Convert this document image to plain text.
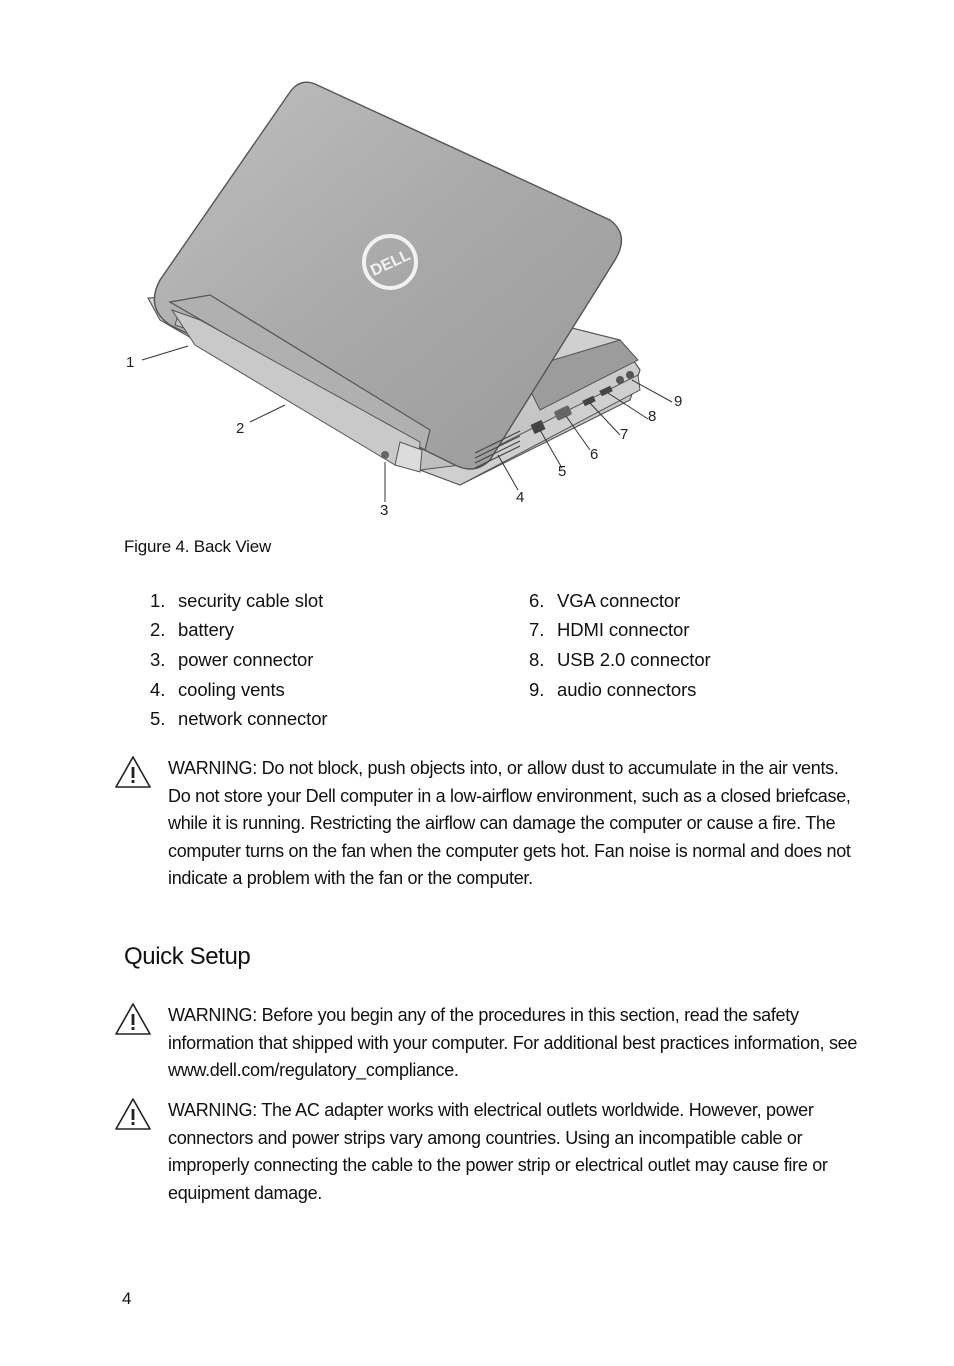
DELL
1
2
3
4
5
6
7
8
9
Figure 4. Back View
1. security cable slot
2. battery
3. power connector
4. cooling vents
5. network connector
6. VGA connector
7. HDMI connector
8. USB 2.0 connector
9. audio connectors

WARNING: Do not block, push objects into, or allow dust to accumulate in the air vents. Do not store your Dell computer in a low-airflow environment, such as a closed briefcase, while it is running. Restricting the airflow can damage the computer or cause a fire. The computer turns on the fan when the computer gets hot. Fan noise is normal and does not indicate a problem with the fan or the computer.

Quick Setup

WARNING: Before you begin any of the procedures in this section, read the safety information that shipped with your computer. For additional best practices information, see www.dell.com/regulatory_compliance.

WARNING: The AC adapter works with electrical outlets worldwide. However, power connectors and power strips vary among countries. Using an incompatible cable or improperly connecting the cable to the power strip or electrical outlet may cause fire or equipment damage.

4
